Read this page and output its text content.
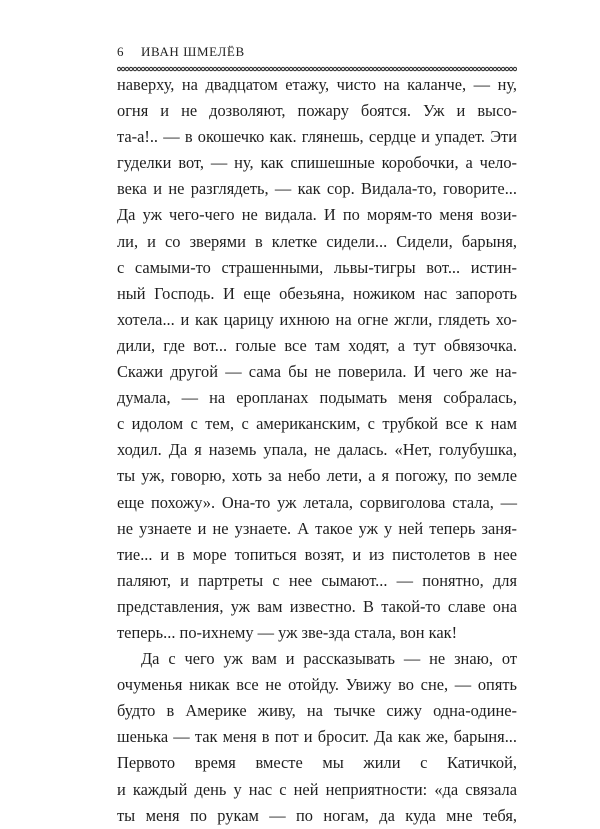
6 ИВАН ШМЕЛЁВ
наверху, на двадцатом етажу, чисто на каланче, — ну,
огня и не дозволяют, пожару боятся. Уж и высо-
та-а!.. — в окошечко как. глянешь, сердце и упадет. Эти
гуделки вот, — ну, как спишешные коробочки, а чело-
века и не разглядеть, — как сор. Видала-то, говорите...
Да уж чего-чего не видала. И по морям-то меня вози-
ли, и со зверями в клетке сидели... Сидели, барыня,
с самыми-то страшенными, львы-тигры вот... истин-
ный Господь. И еще обезьяна, ножиком нас запороть
хотела... и как царицу ихнюю на огне жгли, глядеть хо-
дили, где вот... голые все там ходят, а тут обвязочка.
Скажи другой — сама бы не поверила. И чего же на-
думала, — на еропланах подымать меня собралась,
с идолом с тем, с американским, с трубкой все к нам
ходил. Да я наземь упала, не далась. «Нет, голубушка,
ты уж, говорю, хоть за небо лети, а я погожу, по земле
еще похожу». Она-то уж летала, сорвиголова стала, —
не узнаете и не узнаете. А такое уж у ней теперь заня-
тие... и в море топиться возят, и из пистолетов в нее
паляют, и партреты с нее сымают... — понятно, для
представления, уж вам известно. В такой-то славе она
теперь... по-ихнему — уж зве-зда стала, вон как!
Да с чего уж вам и рассказывать — не знаю, от
очуменья никак все не отойду. Увижу во сне, — опять
будто в Америке живу, на тычке сижу одна-одине-
шенька — так меня в пот и бросит. Да как же, барыня...
Первото время вместе мы жили с Катичкой,
и каждый день у нас с ней неприятности: «да связала
ты меня по рукам — по ногам, да куда мне тебя,
